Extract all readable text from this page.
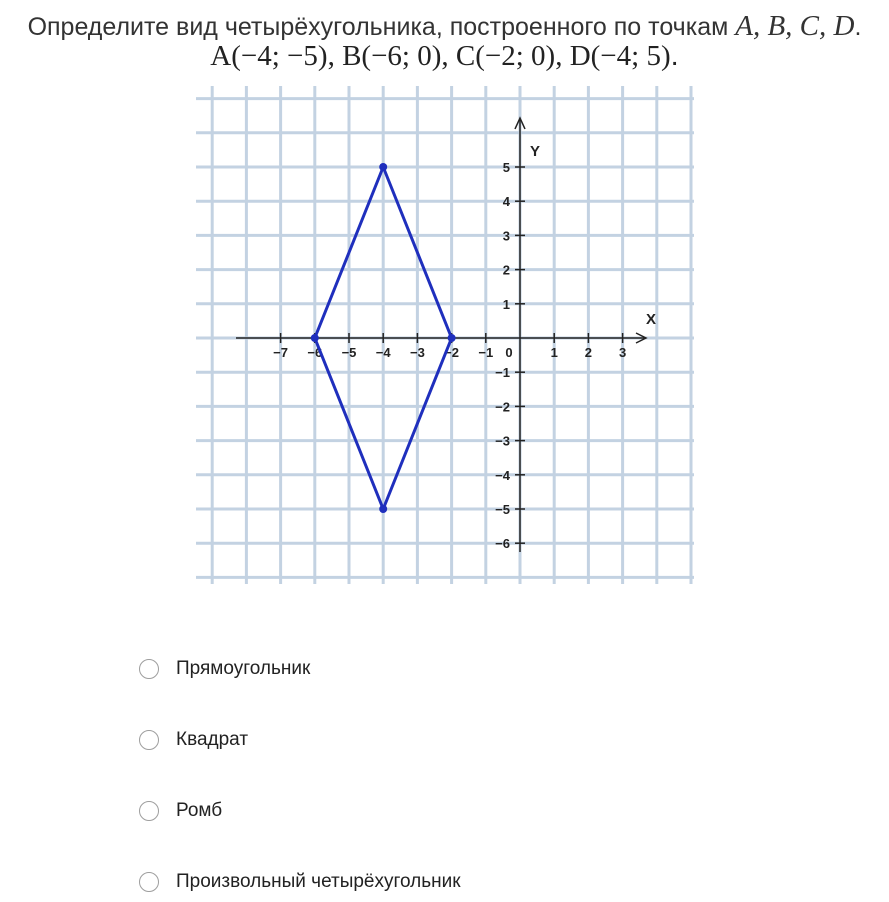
Определите вид четырёхугольника, построенного по точкам A, B, C, D.
A(−4; −5), B(−6; 0), C(−2; 0), D(−4; 5).
X
Y
−7 −6 −5 −4 −3 −2 −1 0	1 2 3
5
4
3
2
1
−1
−2
−3
−4
−5
−6
Прямоугольник
Квадрат
Ромб
Произвольный четырёхугольник
